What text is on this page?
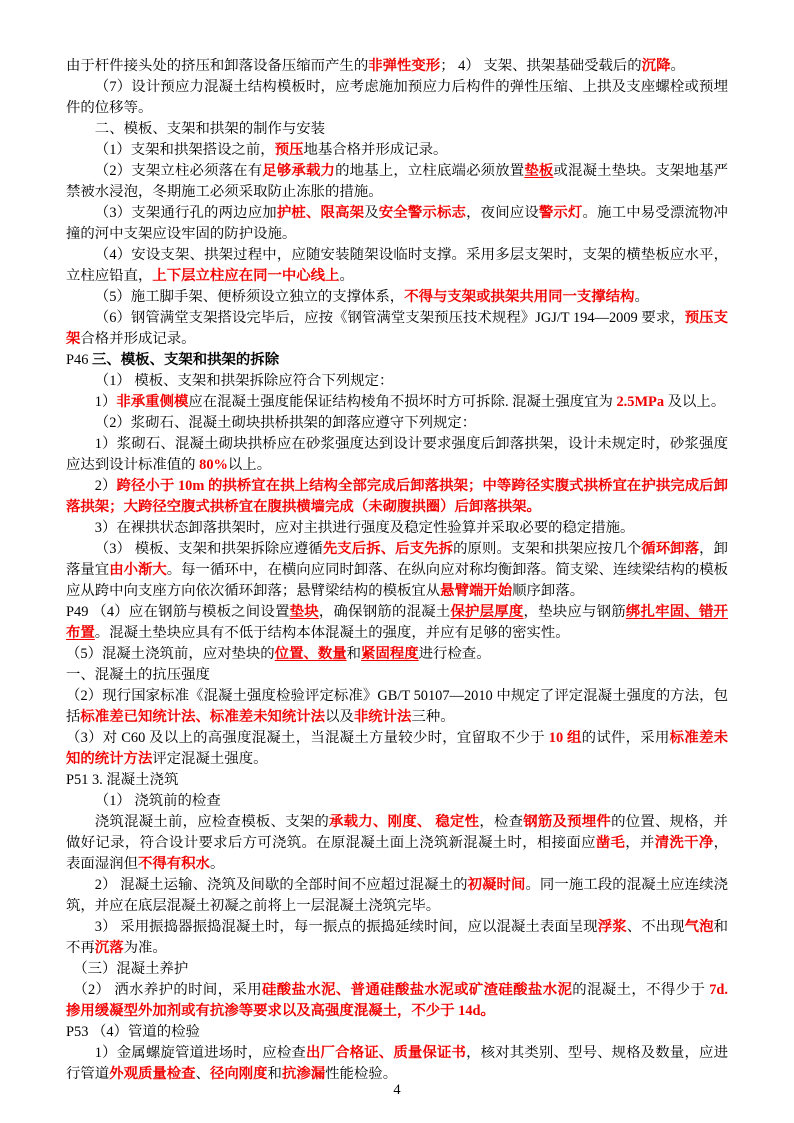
由于杆件接头处的挤压和卸落设备压缩而产生的非弹性变形； 4） 支架、拱架基础受载后的沉降。

（7）设计预应力混凝土结构模板时，应考虑施加预应力后构件的弹性压缩、上拱及支座螺栓或预埋件的位移等。

二、模板、支架和拱架的制作与安装

（1）支架和拱架搭设之前，预压地基合格并形成记录。

（2）支架立柱必须落在有足够承载力的地基上，立柱底端必须放置垫板或混凝土垫块。支架地基严禁被水浸泡，冬期施工必须采取防止冻胀的措施。

（3）支架通行孔的两边应加护桩、限高架及安全警示标志，夜间应设警示灯。施工中易受漂流物冲撞的河中支架应设牢固的防护设施。

（4）安设支架、拱架过程中，应随安装随架设临时支撑。采用多层支架时，支架的横垫板应水平，立柱应铅直，上下层立柱应在同一中心线上。

（5）施工脚手架、便桥须设立独立的支撑体系，不得与支架或拱架共用同一支撑结构。

（6）钢管满堂支架搭设完毕后，应按《钢管满堂支架预压技术规程》JGJ/T 194—2009 要求，预压支架合格并形成记录。

P46 三、模板、支架和拱架的拆除

（1） 模板、支架和拱架拆除应符合下列规定：

1）非承重侧模应在混凝土强度能保证结构棱角不损坏时方可拆除. 混凝土强度宜为 2.5MPa 及以上。

（2）浆砌石、混凝土砌块拱桥拱架的卸落应遵守下列规定：

1）浆砌石、混凝土砌块拱桥应在砂浆强度达到设计要求强度后卸落拱架，设计未规定时，砂浆强度应达到设计标准值的 80%以上。

2）跨径小于 10m 的拱桥宜在拱上结构全部完成后卸落拱架；中等跨径实腹式拱桥宜在护拱完成后卸落拱架；大跨径空腹式拱桥宜在腹拱横墙完成（未砌腹拱圈）后卸落拱架。

3）在裸拱状态卸落拱架时，应对主拱进行强度及稳定性验算并采取必要的稳定措施。

（3） 模板、支架和拱架拆除应遵循先支后拆、后支先拆的原则。支架和拱架应按几个循环卸落，卸落量宜由小渐大。每一循环中，在横向应同时卸落、在纵向应对称均衡卸落。简支梁、连续梁结构的模板应从跨中向支座方向依次循环卸落；悬臂梁结构的模板宜从悬臂端开始顺序卸落。

P49 （4）应在钢筋与模板之间设置垫块，确保钢筋的混凝土保护层厚度，垫块应与钢筋绑扎牢固、错开布置。混凝土垫块应具有不低于结构本体混凝土的强度，并应有足够的密实性。

（5）混凝土浇筑前，应对垫块的位置、数量和紧固程度进行检查。

一、混凝土的抗压强度

（2）现行国家标准《混凝土强度检验评定标准》GB/T 50107—2010 中规定了评定混凝土强度的方法，包括标准差已知统计法、标准差未知统计法以及非统计法三种。

（3）对 C60 及以上的高强度混凝土，当混凝土方量较少时，宜留取不少于 10 组的试件，采用标准差未知的统计方法评定混凝土强度。

P51 3. 混凝土浇筑

（1） 浇筑前的检查

浇筑混凝土前，应检查模板、支架的承载力、刚度、 稳定性，检查钢筋及预埋件的位置、规格，并做好记录，符合设计要求后方可浇筑。在原混凝土面上浇筑新混凝土时，相接面应凿毛，并清洗干净，表面湿润但不得有积水。

2） 混凝土运输、浇筑及间歇的全部时间不应超过混凝土的初凝时间。同一施工段的混凝土应连续浇筑，并应在底层混凝土初凝之前将上一层混凝土浇筑完毕。

3） 采用振捣器振捣混凝土时，每一振点的振捣延续时间，应以混凝土表面呈现浮浆、不出现气泡和不再沉落为准。

（三）混凝土养护

（2） 洒水养护的时间，采用硅酸盐水泥、普通硅酸盐水泥或矿渣硅酸盐水泥的混凝土，不得少于 7d. 掺用缓凝型外加剂或有抗渗等要求以及高强度混凝土，不少于 14d。

P53 （4）管道的检验

1）金属螺旋管道进场时，应检查出厂合格证、质量保证书，核对其类别、型号、规格及数量，应进行管道外观质量检查、径向刚度和抗渗漏性能检验。

4
